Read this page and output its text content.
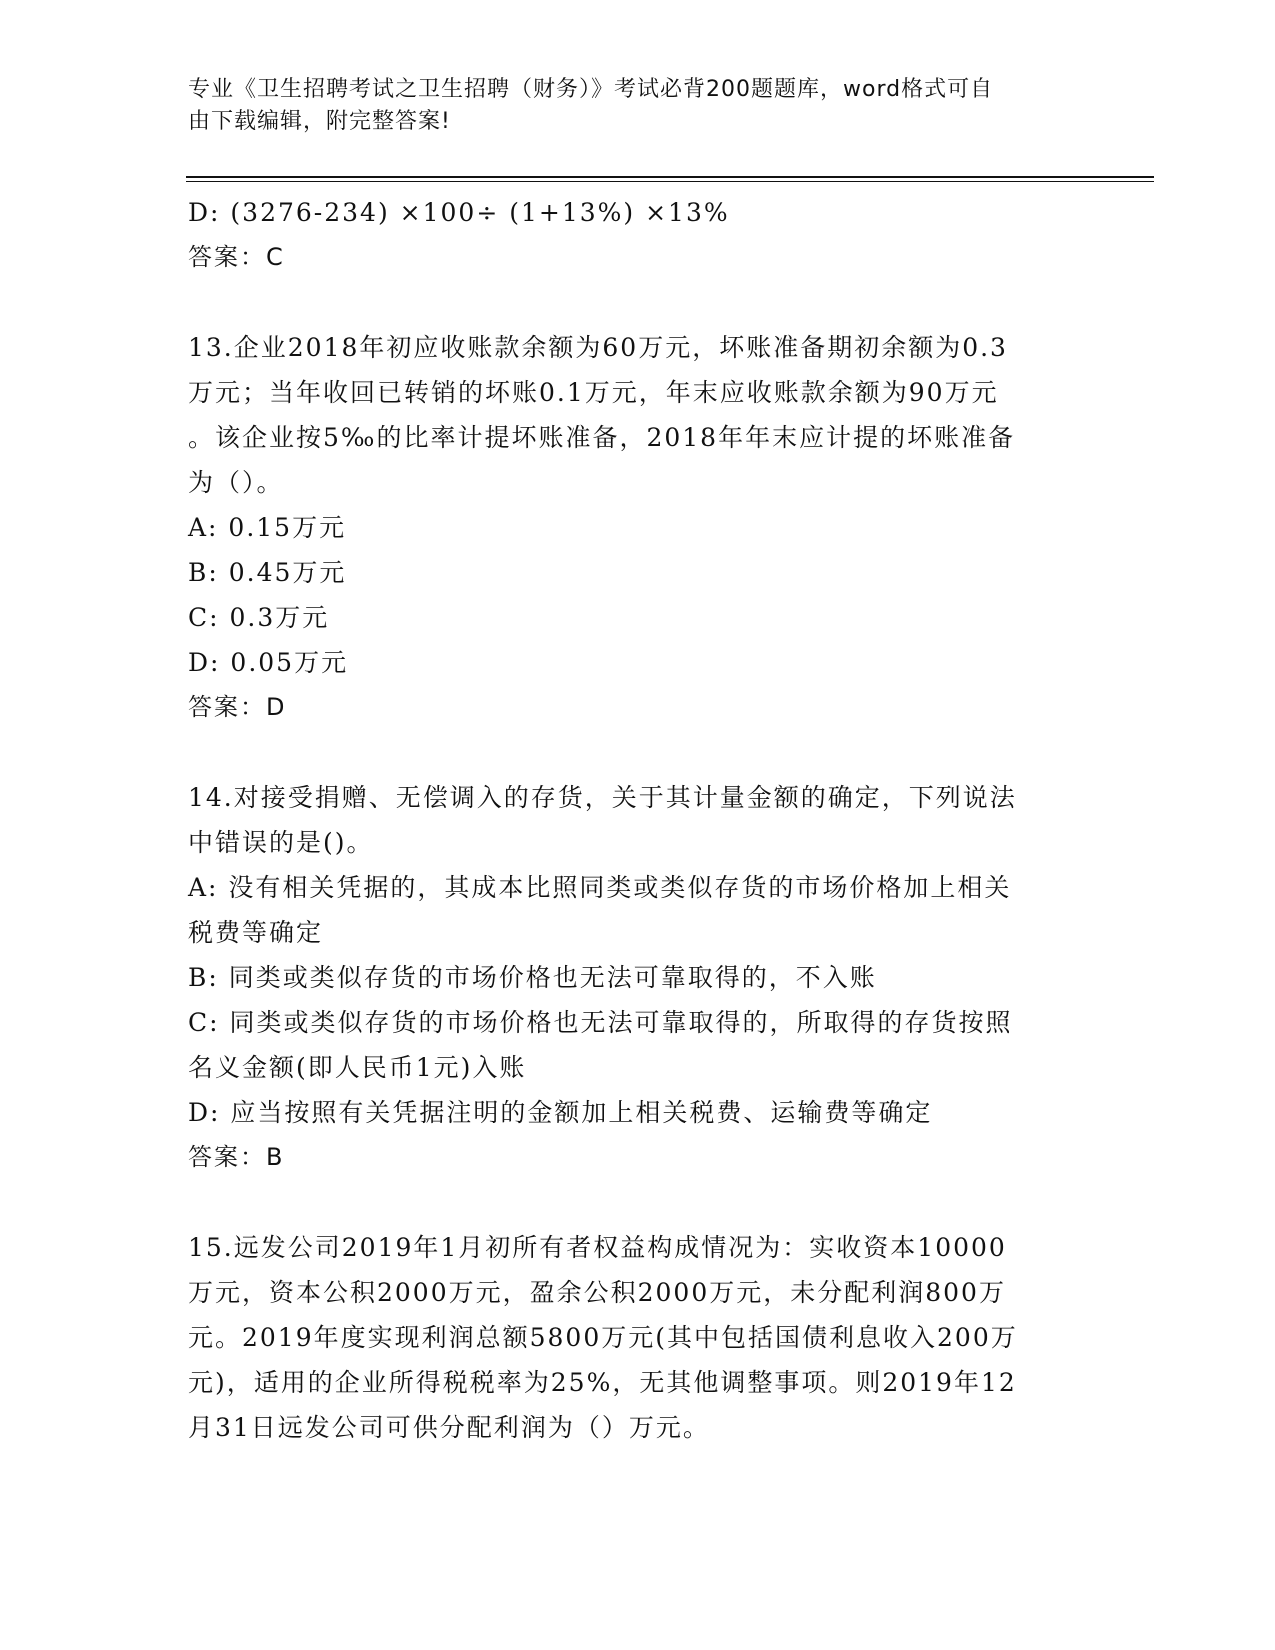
专业《卫生招聘考试之卫生招聘（财务）》考试必背200题题库，word格式可自
由下载编辑，附完整答案!
D: (3276-234) ×100÷ (1+13%) ×13%
答案：C
13.企业2018年初应收账款余额为60万元，坏账准备期初余额为0.3
万元；当年收回已转销的坏账0.1万元，年末应收账款余额为90万元
。该企业按5‰的比率计提坏账准备，2018年年末应计提的坏账准备
为（）。
A: 0.15万元
B: 0.45万元
C: 0.3万元
D: 0.05万元
答案：D
14.对接受捐赠、无偿调入的存货，关于其计量金额的确定，下列说法
中错误的是()。
A: 没有相关凭据的，其成本比照同类或类似存货的市场价格加上相关
税费等确定
B: 同类或类似存货的市场价格也无法可靠取得的，不入账
C: 同类或类似存货的市场价格也无法可靠取得的，所取得的存货按照
名义金额(即人民币1元)入账
D: 应当按照有关凭据注明的金额加上相关税费、运输费等确定
答案：B
15.远发公司2019年1月初所有者权益构成情况为：实收资本10000
万元，资本公积2000万元，盈余公积2000万元，未分配利润800万
元。2019年度实现利润总额5800万元(其中包括国债利息收入200万
元)，适用的企业所得税税率为25%，无其他调整事项。则2019年12
月31日远发公司可供分配利润为（）万元。
